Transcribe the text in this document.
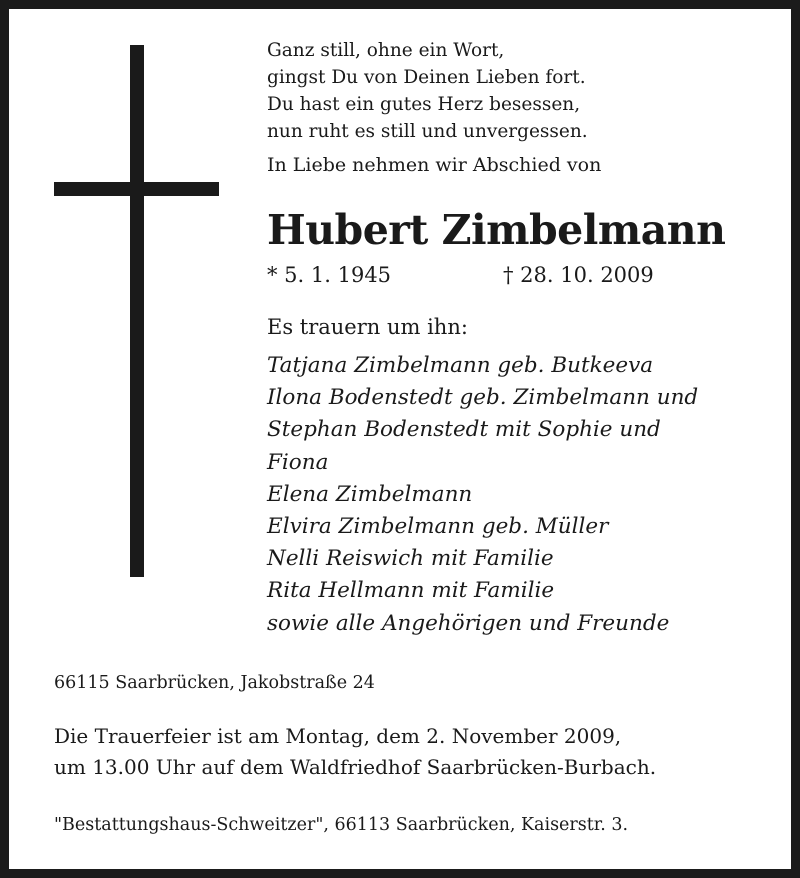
Ganz still, ohne ein Wort,
gingst Du von Deinen Lieben fort.
Du hast ein gutes Herz besessen,
nun ruht es still und unvergessen.
In Liebe nehmen wir Abschied von
Hubert Zimbelmann
* 5. 1. 1945	† 28. 10. 2009
Es trauern um ihn:
Tatjana Zimbelmann geb. Butkeeva
Ilona Bodenstedt geb. Zimbelmann und
Stephan Bodenstedt mit Sophie und
Fiona
Elena Zimbelmann
Elvira Zimbelmann geb. Müller
Nelli Reiswich mit Familie
Rita Hellmann mit Familie
sowie alle Angehörigen und Freunde
66115 Saarbrücken, Jakobstraße 24
Die Trauerfeier ist am Montag, dem 2. November 2009,
um 13.00 Uhr auf dem Waldfriedhof Saarbrücken-Burbach.
"Bestattungshaus-Schweitzer", 66113 Saarbrücken, Kaiserstr. 3.
